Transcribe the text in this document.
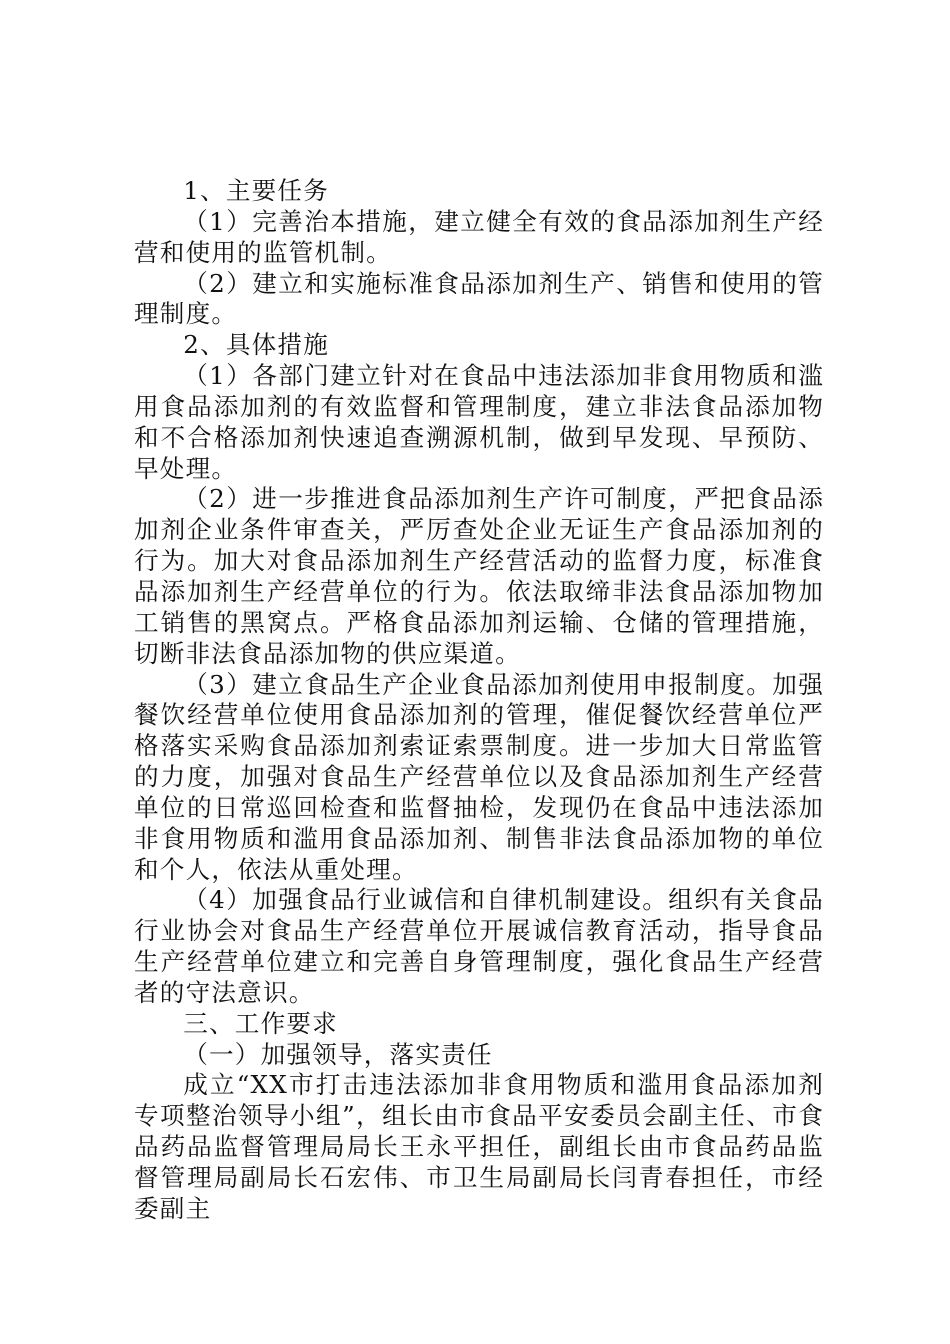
1、主要任务

（1）完善治本措施，建立健全有效的食品添加剂生产经营和使用的监管机制。

（2）建立和实施标准食品添加剂生产、销售和使用的管理制度。

2、具体措施

（1）各部门建立针对在食品中违法添加非食用物质和滥用食品添加剂的有效监督和管理制度，建立非法食品添加物和不合格添加剂快速追查溯源机制，做到早发现、早预防、早处理。

（2）进一步推进食品添加剂生产许可制度，严把食品添加剂企业条件审查关，严厉查处企业无证生产食品添加剂的行为。加大对食品添加剂生产经营活动的监督力度，标准食品添加剂生产经营单位的行为。依法取缔非法食品添加物加工销售的黑窝点。严格食品添加剂运输、仓储的管理措施，切断非法食品添加物的供应渠道。

（3）建立食品生产企业食品添加剂使用申报制度。加强餐饮经营单位使用食品添加剂的管理，催促餐饮经营单位严格落实采购食品添加剂索证索票制度。进一步加大日常监管的力度，加强对食品生产经营单位以及食品添加剂生产经营单位的日常巡回检查和监督抽检，发现仍在食品中违法添加非食用物质和滥用食品添加剂、制售非法食品添加物的单位和个人，依法从重处理。

（4）加强食品行业诚信和自律机制建设。组织有关食品行业协会对食品生产经营单位开展诚信教育活动，指导食品生产经营单位建立和完善自身管理制度，强化食品生产经营者的守法意识。

三、工作要求

（一）加强领导，落实责任

成立“XX市打击违法添加非食用物质和滥用食品添加剂专项整治领导小组”，组长由市食品平安委员会副主任、市食品药品监督管理局局长王永平担任，副组长由市食品药品监督管理局副局长石宏伟、市卫生局副局长闫青春担任，市经委副主
